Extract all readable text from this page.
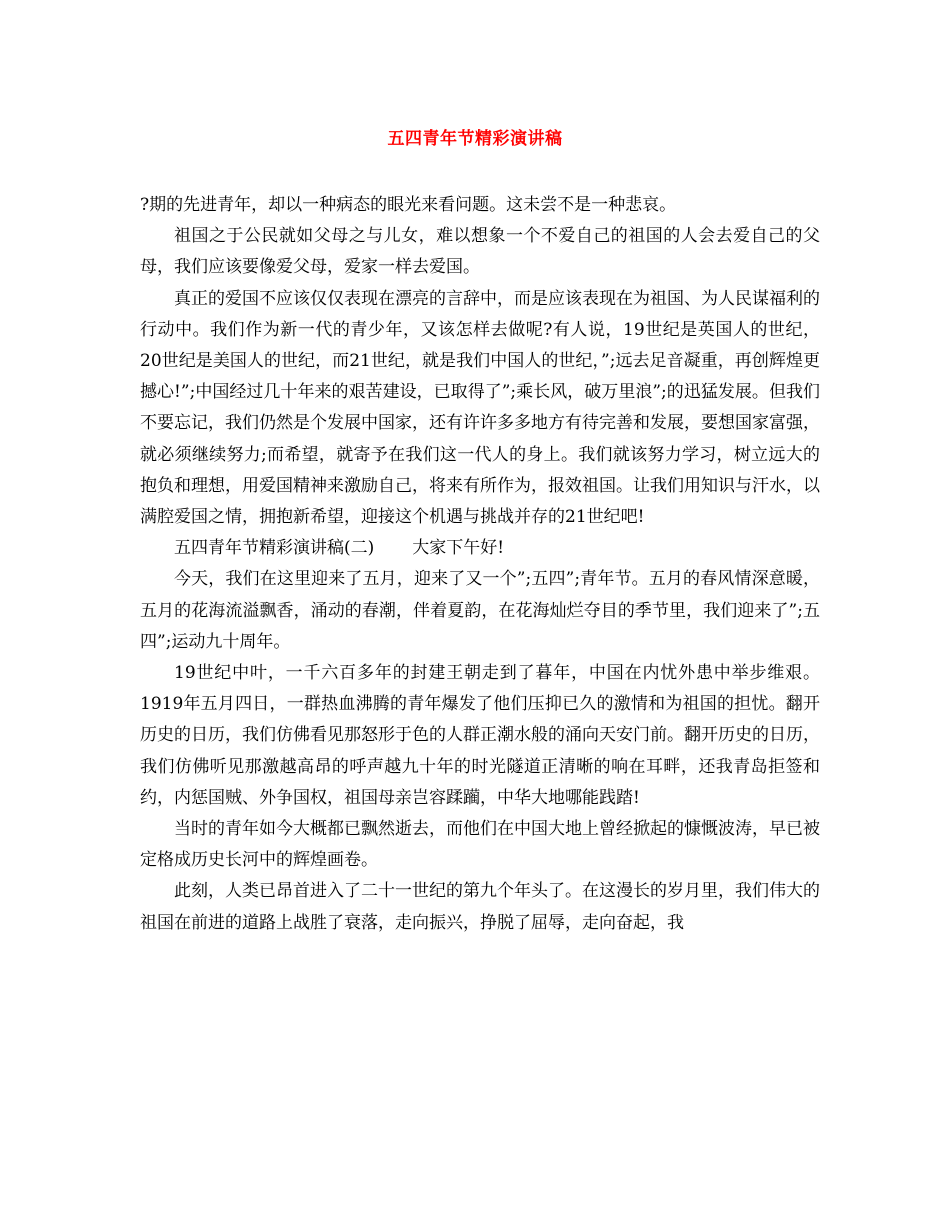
五四青年节精彩演讲稿

?期的先进青年，却以一种病态的眼光来看问题。这未尝不是一种悲哀。

祖国之于公民就如父母之与儿女，难以想象一个不爱自己的祖国的人会去爱自己的父母，我们应该要像爱父母，爱家一样去爱国。

真正的爱国不应该仅仅表现在漂亮的言辞中，而是应该表现在为祖国、为人民谋福利的行动中。我们作为新一代的青少年，又该怎样去做呢?有人说，19世纪是英国人的世纪，20世纪是美国人的世纪，而21世纪，就是我们中国人的世纪，”;远去足音凝重，再创辉煌更撼心!”;中国经过几十年来的艰苦建设，已取得了”;乘长风，破万里浪”;的迅猛发展。但我们不要忘记，我们仍然是个发展中国家，还有许许多多地方有待完善和发展，要想国家富强，就必须继续努力;而希望，就寄予在我们这一代人的身上。我们就该努力学习，树立远大的抱负和理想，用爱国精神来激励自己，将来有所作为，报效祖国。让我们用知识与汗水，以满腔爱国之情，拥抱新希望，迎接这个机遇与挑战并存的21世纪吧!

五四青年节精彩演讲稿(二) 大家下午好!

今天，我们在这里迎来了五月，迎来了又一个”;五四”;青年节。五月的春风情深意暖，五月的花海流溢飘香，涌动的春潮，伴着夏韵，在花海灿烂夺目的季节里，我们迎来了”;五四”;运动九十周年。

19世纪中叶，一千六百多年的封建王朝走到了暮年，中国在内忧外患中举步维艰。1919年五月四日，一群热血沸腾的青年爆发了他们压抑已久的激情和为祖国的担忧。翻开历史的日历，我们仿佛看见那怒形于色的人群正潮水般的涌向天安门前。翻开历史的日历，我们仿佛听见那激越高昂的呼声越九十年的时光隧道正清晰的响在耳畔，还我青岛拒签和约，内惩国贼、外争国权，祖国母亲岂容蹂躏，中华大地哪能践踏!

当时的青年如今大概都已飘然逝去，而他们在中国大地上曾经掀起的慷慨波涛，早已被定格成历史长河中的辉煌画卷。

此刻，人类已昂首进入了二十一世纪的第九个年头了。在这漫长的岁月里，我们伟大的祖国在前进的道路上战胜了衰落，走向振兴，挣脱了屈辱，走向奋起，我
